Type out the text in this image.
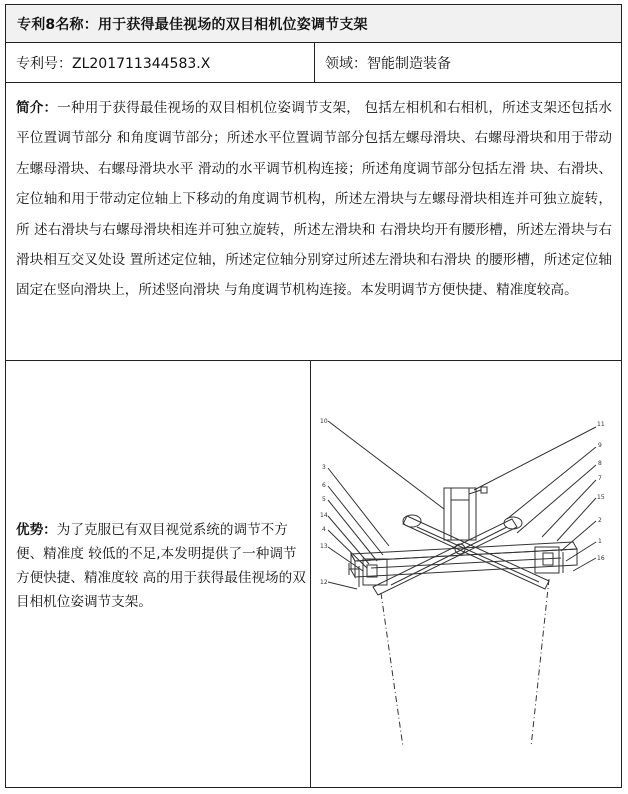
专利8名称：用于获得最佳视场的双目相机位姿调节支架
专利号：ZL201711344583.X	领域：智能制造装备
简介：一种用于获得最佳视场的双目相机位姿调节支架， 包括左相机和右相机，所述支架还包括水平位置调节部分 和角度调节部分；所述水平位置调节部分包括左螺母滑块、右螺母滑块和用于带动左螺母滑块、右螺母滑块水平 滑动的水平调节机构连接；所述角度调节部分包括左滑 块、右滑块、定位轴和用于带动定位轴上下移动的角度调节机构，所述左滑块与左螺母滑块相连并可独立旋转，所 述右滑块与右螺母滑块相连并可独立旋转，所述左滑块和 右滑块均开有腰形槽，所述左滑块与右滑块相互交叉处设 置所述定位轴，所述定位轴分别穿过所述左滑块和右滑块 的腰形槽，所述定位轴固定在竖向滑块上，所述竖向滑块 与角度调节机构连接。本发明调节方便快捷、精准度较高。
优势：为了克服已有双目视觉系统的调节不方便、精准度 较低的不足,本发明提供了一种调节方便快捷、精准度较 高的用于获得最佳视场的双目相机位姿调节支架。
10
3
6
5
14
4
13
12
11
9
8
7
15
2
1
16
